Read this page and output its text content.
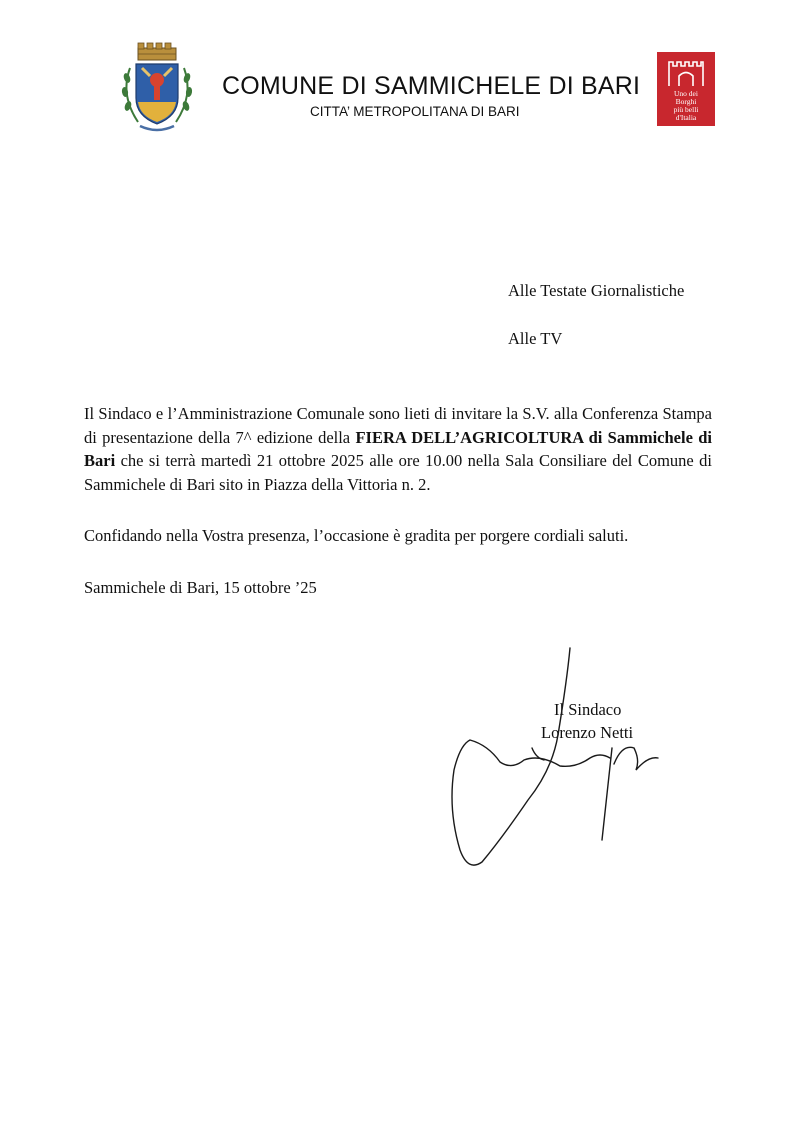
COMUNE DI SAMMICHELE DI BARI
CITTA’ METROPOLITANA DI BARI
Uno dei
Borghi
più belli
d'Italia
Alle Testate Giornalistiche
Alle TV
Il Sindaco e l’Amministrazione Comunale sono lieti di invitare la S.V. alla Conferenza Stampa di presentazione della 7^ edizione della FIERA DELL’AGRICOLTURA di Sammichele di Bari che si terrà martedì 21 ottobre 2025 alle ore 10.00 nella Sala Consiliare del Comune di Sammichele di Bari sito in Piazza della Vittoria n. 2.
Confidando nella Vostra presenza, l’occasione è gradita per porgere cordiali saluti.
Sammichele di Bari, 15 ottobre ’25
Il Sindaco
Lorenzo Netti
